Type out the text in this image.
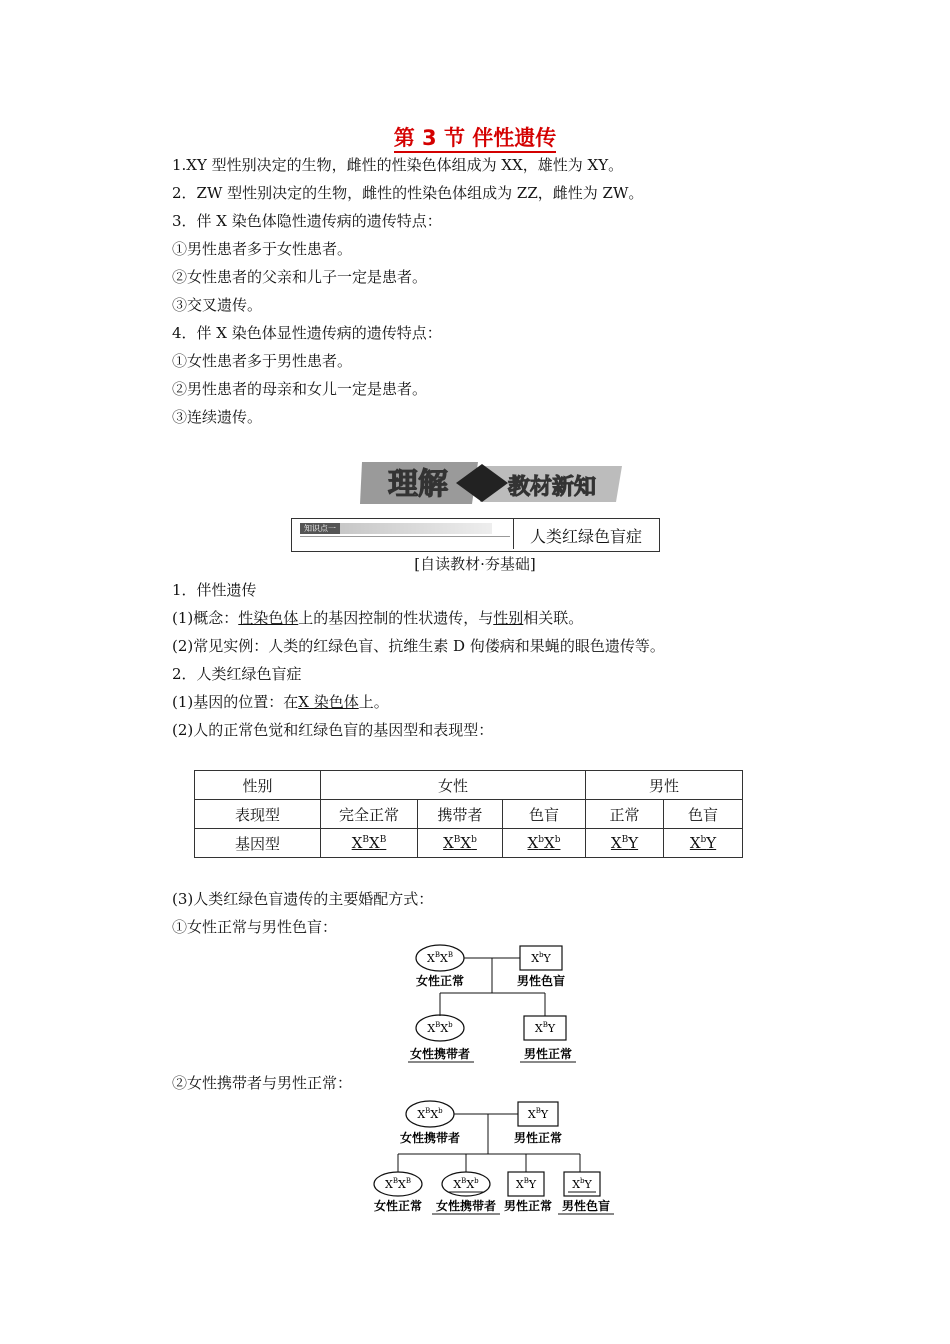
第 3 节 伴性遗传
1.XY 型性别决定的生物，雌性的性染色体组成为 XX，雄性为 XY。
2．ZW 型性别决定的生物，雌性的性染色体组成为 ZZ，雌性为 ZW。
3．伴 X 染色体隐性遗传病的遗传特点：
①男性患者多于女性患者。
②女性患者的父亲和儿子一定是患者。
③交叉遗传。
4．伴 X 染色体显性遗传病的遗传特点：
①女性患者多于男性患者。
②男性患者的母亲和女儿一定是患者。
③连续遗传。
理解	教材新知
知识点一	人类红绿色盲症
[自读教材·夯基础]
1．伴性遗传
(1)概念：性染色体上的基因控制的性状遗传，与性别相关联。
(2)常见实例：人类的红绿色盲、抗维生素 D 佝偻病和果蝇的眼色遗传等。
2．人类红绿色盲症
(1)基因的位置：在X 染色体上。
(2)人的正常色觉和红绿色盲的基因型和表现型：
性别	女性			男性	
表现型	完全正常	携带者	色盲	正常	色盲
基因型	$X^BX^B$	$X^BX^b$	$X^bX^b$	$X^BY$	$X^bY$
(3)人类红绿色盲遗传的主要婚配方式：
①女性正常与男性色盲：
$X^BX^B$
女性正常
$X^bY$
男性色盲
$X^BX^b$
女性携带者
$X^BY$
男性正常
②女性携带者与男性正常：
$X^BX^b$
女性携带者
$X^BY$
男性正常
$X^BX^B$
女性正常
$X^BX^b$
女性携带者
$X^BY$
男性正常
$X^bY$
男性色盲
